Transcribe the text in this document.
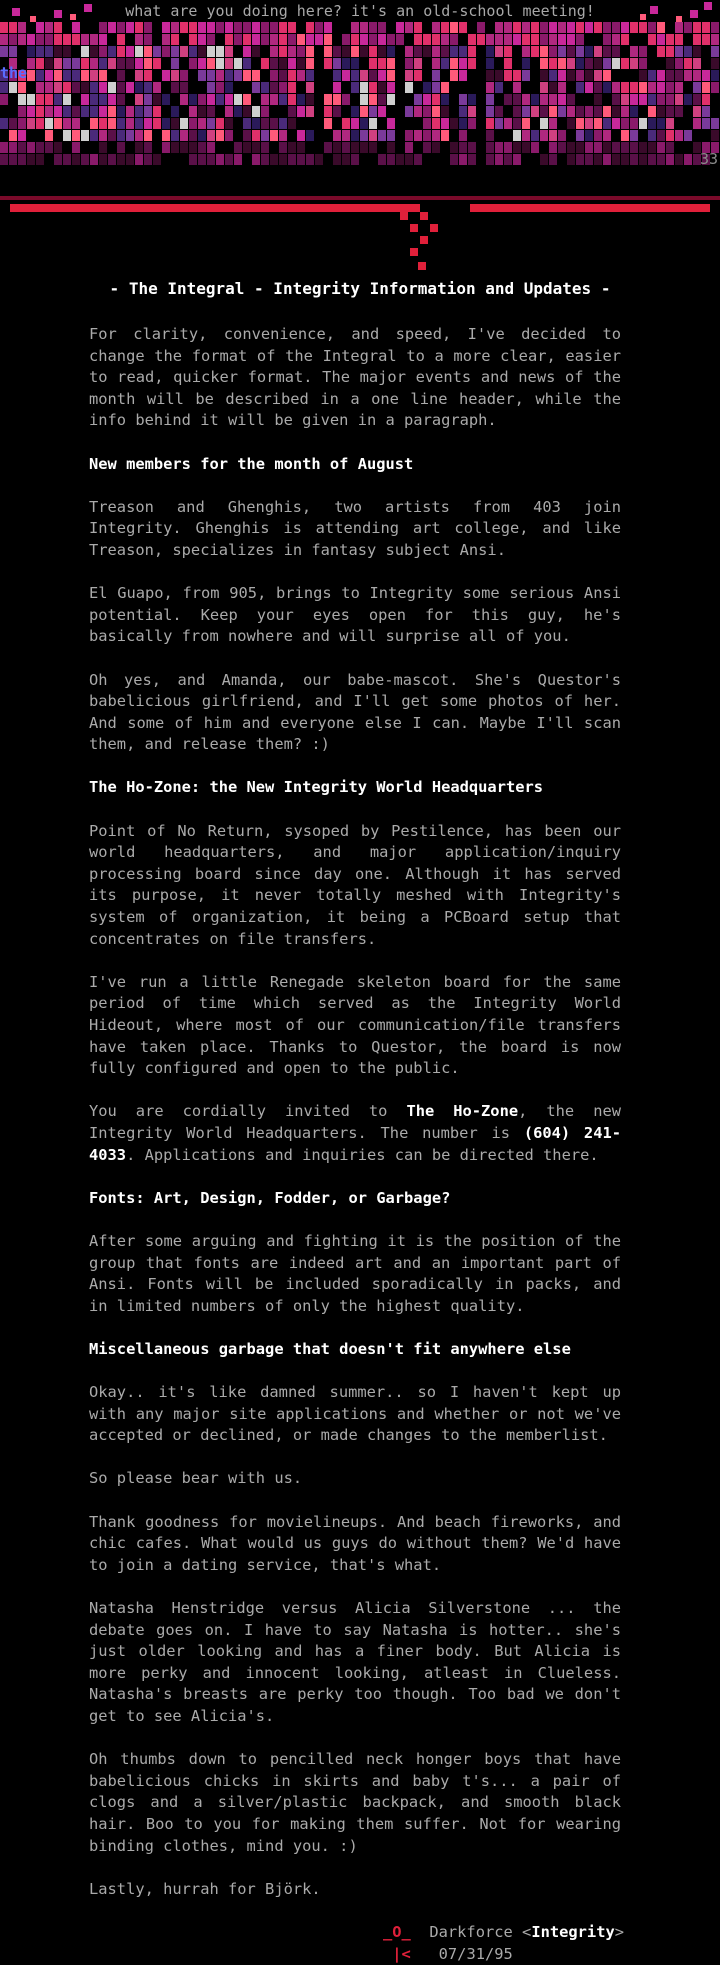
what are you doing here? it's an old-school meeting!

the
33
- The Integral - Integrity Information and Updates -

For clarity, convenience, and speed, I've decided to change the format of the Integral to a more clear, easier to read, quicker format. The major events and news of the month will be described in a one line header, while the info behind it will be given in a paragraph.

New members for the month of August

Treason and Ghenghis, two artists from 403 join Integrity. Ghenghis is attending art college, and like Treason, specializes in fantasy subject Ansi.

El Guapo, from 905, brings to Integrity some serious Ansi potential. Keep your eyes open for this guy, he's basically from nowhere and will surprise all of you.

Oh yes, and Amanda, our babe-mascot. She's Questor's babelicious girlfriend, and I'll get some photos of her. And some of him and everyone else I can. Maybe I'll scan them, and release them? :)

The Ho-Zone: the New Integrity World Headquarters

Point of No Return, sysoped by Pestilence, has been our world headquarters, and major application/inquiry processing board since day one. Although it has served its purpose, it never totally meshed with Integrity's system of organization, it being a PCBoard setup that concentrates on file transfers.

I've run a little Renegade skeleton board for the same period of time which served as the Integrity World Hideout, where most of our communication/file transfers have taken place. Thanks to Questor, the board is now fully configured and open to the public.

You are cordially invited to The Ho-Zone, the new Integrity World Headquarters. The number is (604) 241-4033. Applications and inquiries can be directed there.

Fonts: Art, Design, Fodder, or Garbage?

After some arguing and fighting it is the position of the group that fonts are indeed art and an important part of Ansi. Fonts will be included sporadically in packs, and in limited numbers of only the highest quality.

Miscellaneous garbage that doesn't fit anywhere else

Okay.. it's like damned summer.. so I haven't kept up with any major site applications and whether or not we've accepted or declined, or made changes to the memberlist.

So please bear with us.

Thank goodness for movielineups. And beach fireworks, and chic cafes. What would us guys do without them? We'd have to join a dating service, that's what.

Natasha Henstridge versus Alicia Silverstone ... the debate goes on. I have to say Natasha is hotter.. she's just older looking and has a finer body. But Alicia is more perky and innocent looking, atleast in Clueless. Natasha's breasts are perky too though. Too bad we don't get to see Alicia's.

Oh thumbs down to pencilled neck honger boys that have babelicious chicks in skirts and baby t's... a pair of clogs and a silver/plastic backpack, and smooth black hair. Boo to you for making them suffer. Not for wearing binding clothes, mind you. :)

Lastly, hurrah for Björk.

_O_
Darkforce
< Integrity >

|<
07/31/95
